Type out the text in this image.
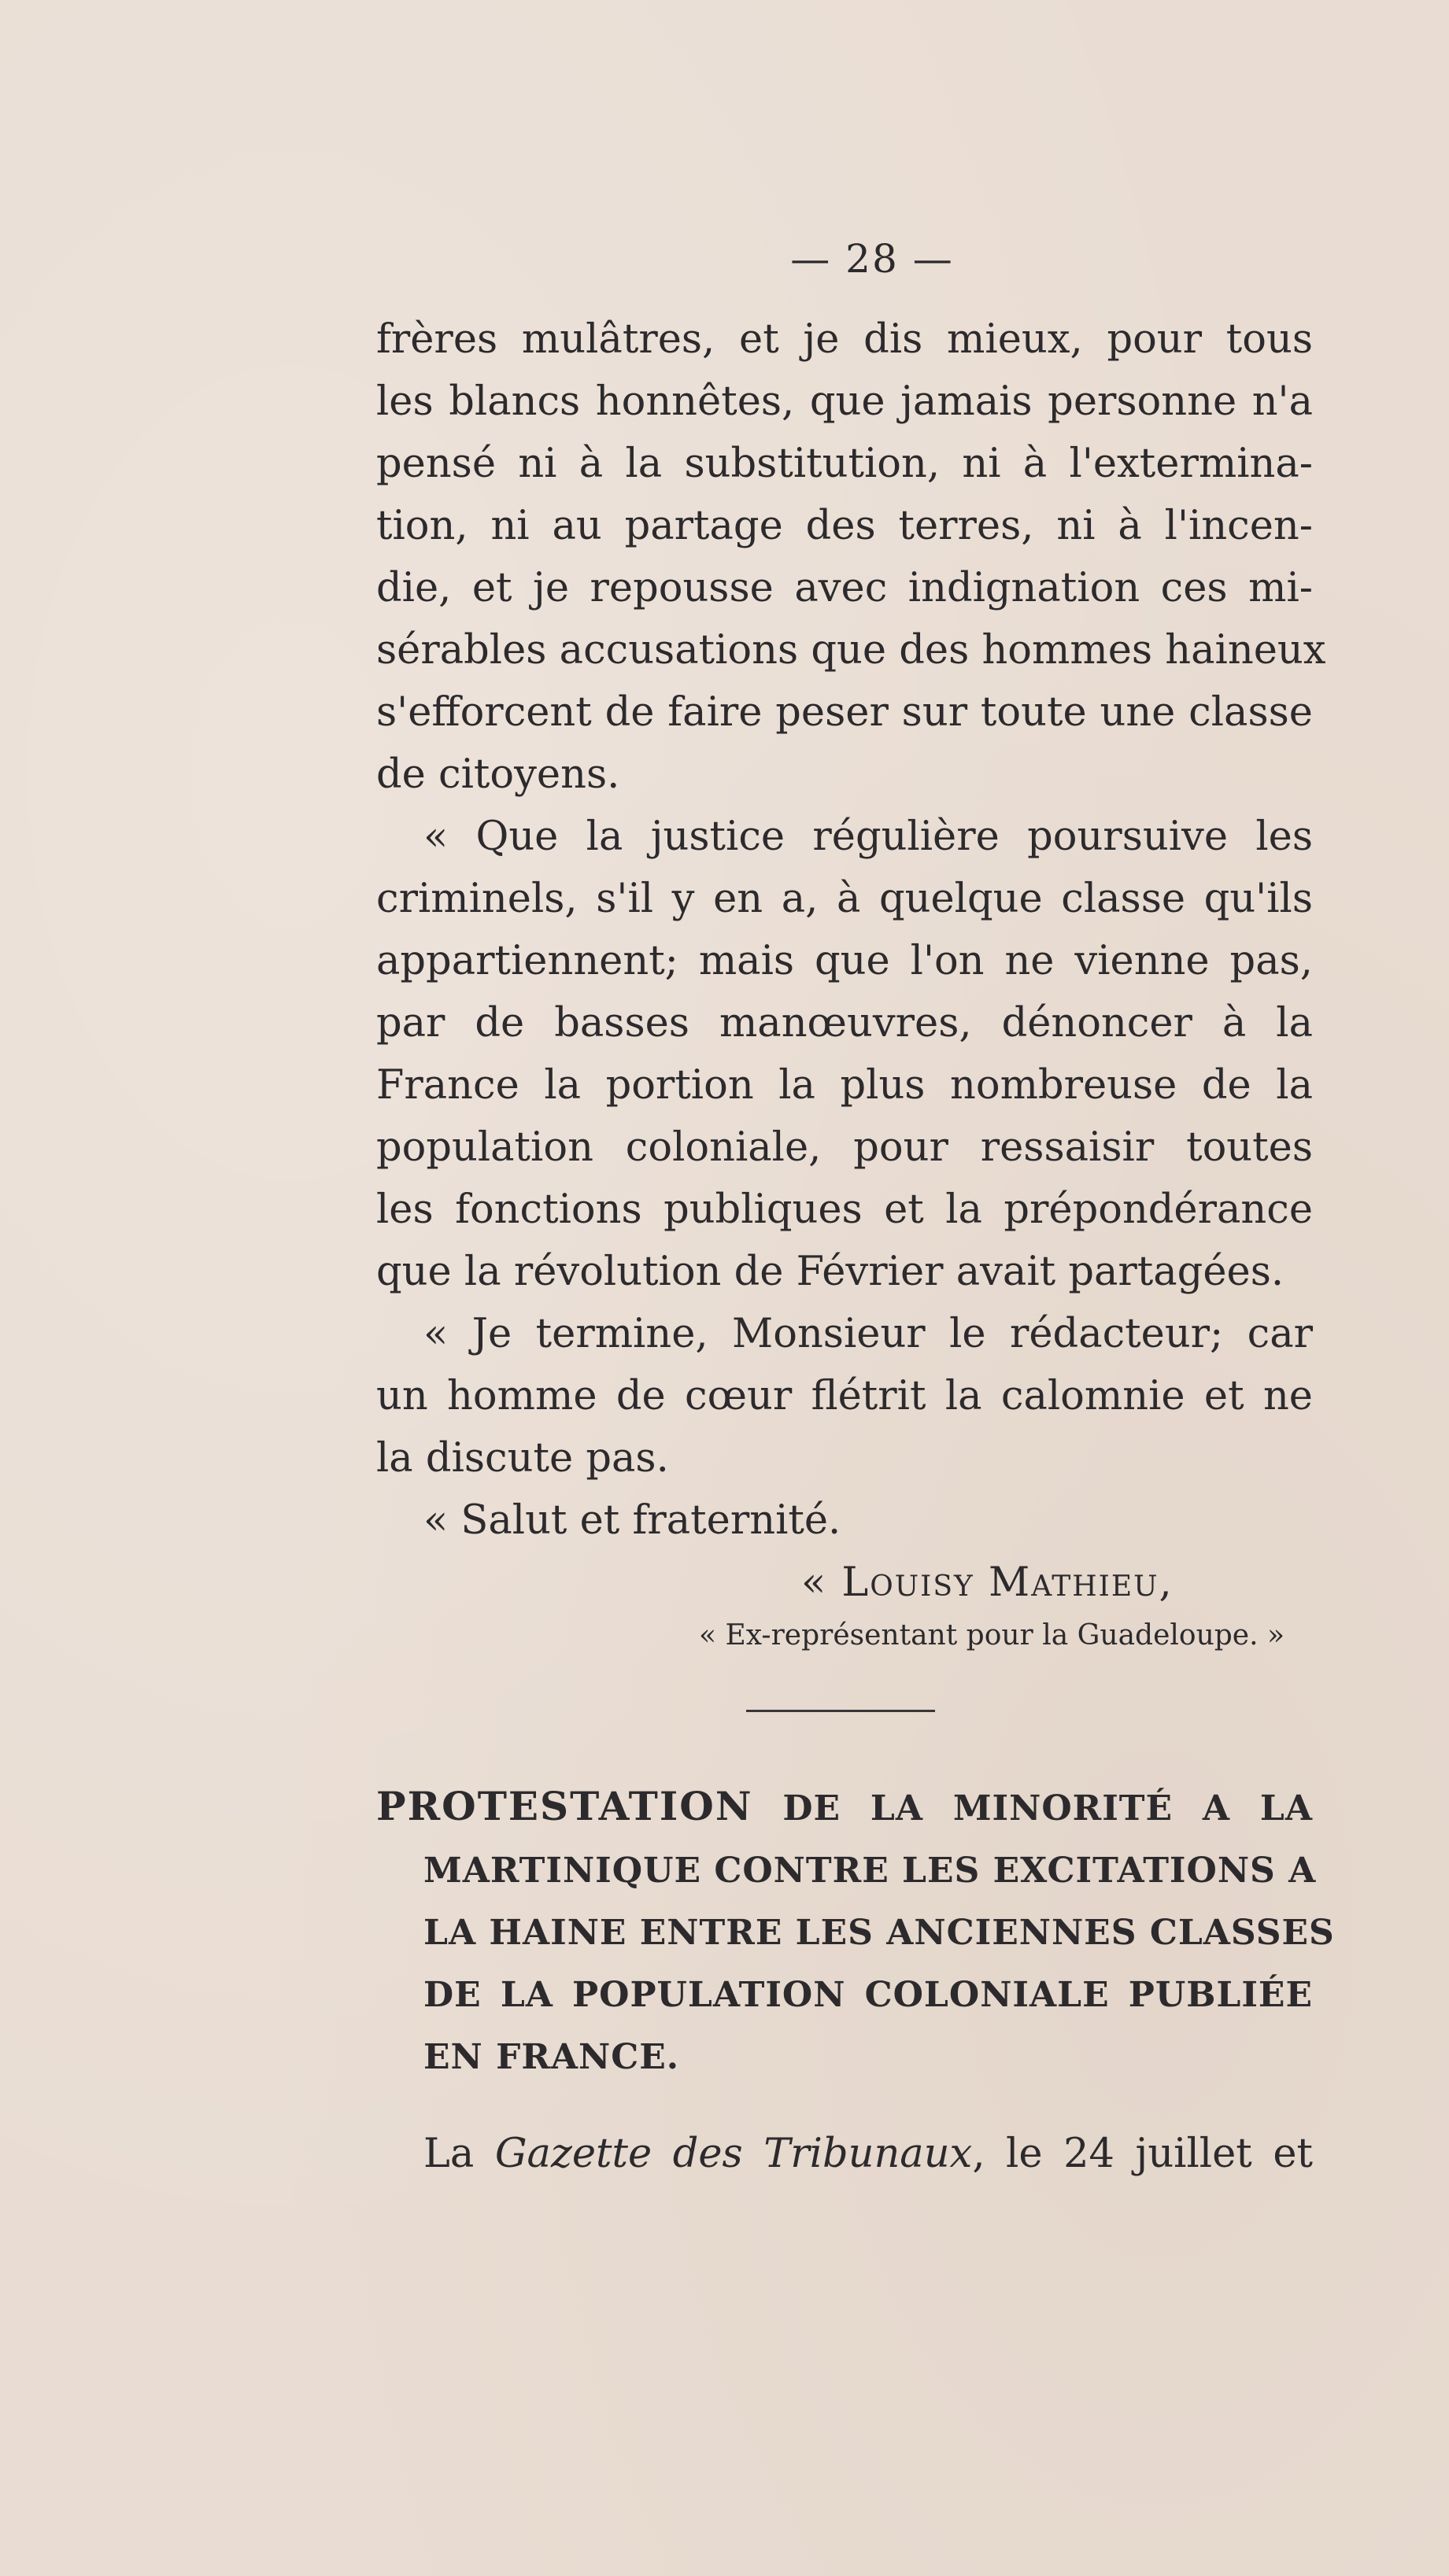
— 28 —
frères mulâtres, et je dis mieux, pour tous
les blancs honnêtes, que jamais personne n'a
pensé ni à la substitution, ni à l'extermina-
tion, ni au partage des terres, ni à l'incen-
die, et je repousse avec indignation ces mi-
sérables accusations que des hommes haineux
s'efforcent de faire peser sur toute une classe
de citoyens.
« Que la justice régulière poursuive les
criminels, s'il y en a, à quelque classe qu'ils
appartiennent; mais que l'on ne vienne pas,
par de basses manœuvres, dénoncer à la
France la portion la plus nombreuse de la
population coloniale, pour ressaisir toutes
les fonctions publiques et la prépondérance
que la révolution de Février avait partagées.
« Je termine, Monsieur le rédacteur; car
un homme de cœur flétrit la calomnie et ne
la discute pas.
« Salut et fraternité.
« Louisy Mathieu,
« Ex-représentant pour la Guadeloupe. »
PROTESTATION DE LA MINORITÉ A LA
MARTINIQUE CONTRE LES EXCITATIONS A
LA HAINE ENTRE LES ANCIENNES CLASSES
DE LA POPULATION COLONIALE PUBLIÉE
EN FRANCE.
La Gazette des Tribunaux, le 24 juillet et
